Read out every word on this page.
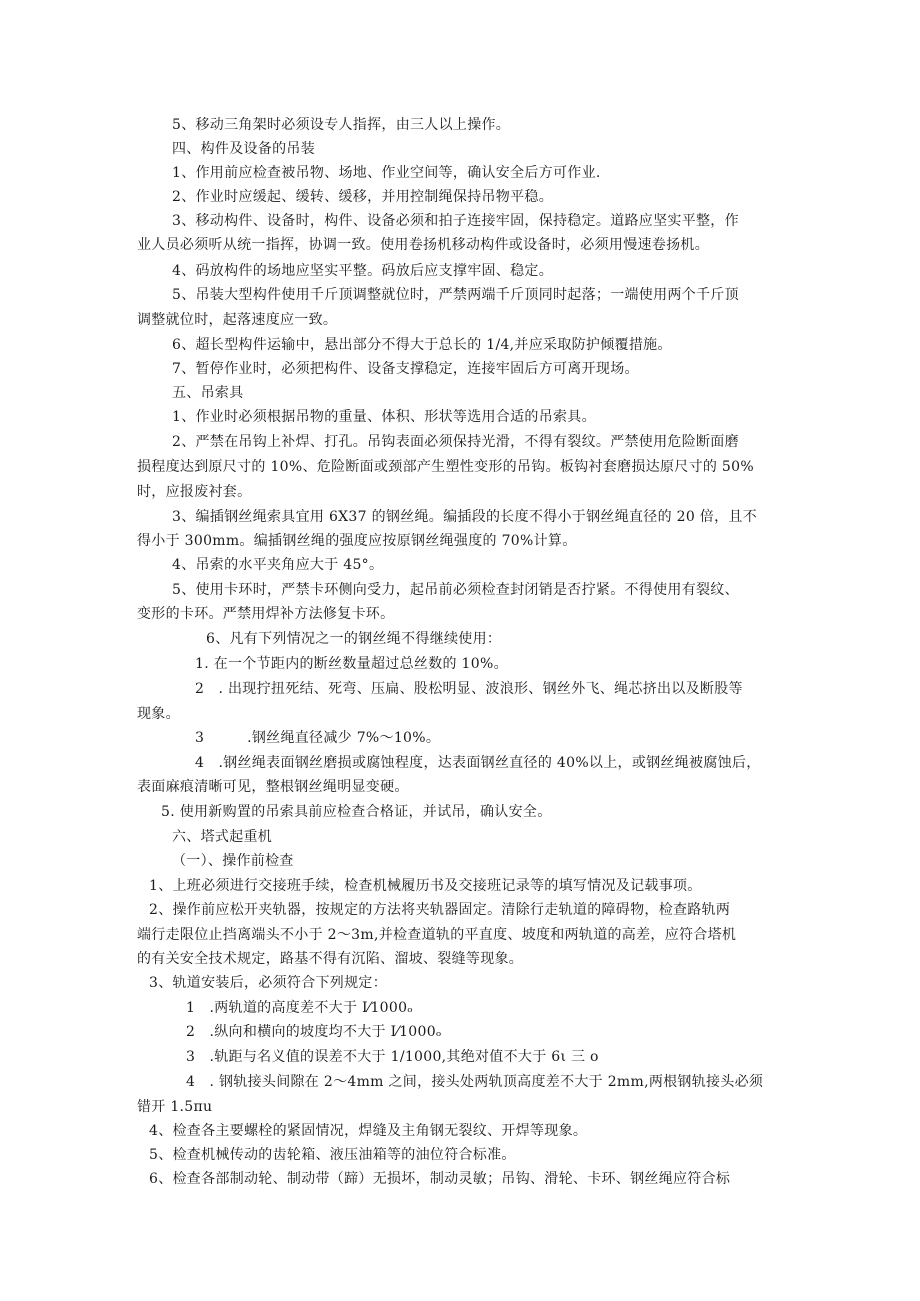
5、移动三角架时必须设专人指挥，由三人以上操作。
四、构件及设备的吊装
1、作用前应检查被吊物、场地、作业空间等，确认安全后方可作业.
2、作业时应缓起、缓转、缓移，并用控制绳保持吊物平稳。
3、移动构件、设备时，构件、设备必须和拍子连接牢固，保持稳定。道路应坚实平整，作
业人员必须听从统一指挥，协调一致。使用卷扬机移动构件或设备时，必须用慢速卷扬机。
4、码放构件的场地应坚实平整。码放后应支撑牢固、稳定。
5、吊装大型构件使用千斤顶调整就位时，严禁两端千斤顶同时起落；一端使用两个千斤顶
调整就位时，起落速度应一致。
6、超长型构件运输中，悬出部分不得大于总长的 1/4,并应采取防护倾覆措施。
7、暂停作业时，必须把构件、设备支撑稳定，连接牢固后方可离开现场。
五、吊索具
1、作业时必须根据吊物的重量、体积、形状等选用合适的吊索具。
2、严禁在吊钩上补焊、打孔。吊钩表面必须保持光滑，不得有裂纹。严禁使用危险断面磨
损程度达到原尺寸的 10%、危险断面或颈部产生塑性变形的吊钩。板钩衬套磨损达原尺寸的 50%
时，应报废衬套。
3、编插钢丝绳索具宜用 6X37 的钢丝绳。编插段的长度不得小于钢丝绳直径的 20 倍，且不
得小于 300mm。编插钢丝绳的强度应按原钢丝绳强度的 70%计算。
4、吊索的水平夹角应大于 45°。
5、使用卡环时，严禁卡环侧向受力，起吊前必须检查封闭销是否拧紧。不得使用有裂纹、
变形的卡环。严禁用焊补方法修复卡环。
6、凡有下列情况之一的钢丝绳不得继续使用：
1. 在一个节距内的断丝数量超过总丝数的 10%。
2　. 出现拧扭死结、死弯、压扁、股松明显、波浪形、钢丝外飞、绳芯挤出以及断股等
现象。
3　　　.钢丝绳直径减少 7%～10%。
4　.钢丝绳表面钢丝磨损或腐蚀程度，达表面钢丝直径的 40%以上，或钢丝绳被腐蚀后，
表面麻痕清晰可见，整根钢丝绳明显变硬。
5. 使用新购置的吊索具前应检查合格证，并试吊，确认安全。
六、塔式起重机
（一）、操作前检查
1、上班必须进行交接班手续，检查机械履历书及交接班记录等的填写情况及记载事项。
2、操作前应松开夹轨器，按规定的方法将夹轨器固定。清除行走轨道的障碍物，检查路轨两
端行走限位止挡离端头不小于 2～3m,并检查道轨的平直度、坡度和两轨道的高差，应符合塔机
的有关安全技术规定，路基不得有沉陷、溜坡、裂缝等现象。
3、轨道安装后，必须符合下列规定：
1　.两轨道的高度差不大于 I⁄1000ₒ
2　.纵向和横向的坡度均不大于 I⁄1000ₒ
3　.轨距与名义值的误差不大于 1/1000,其绝对值不大于 6ι 三 o
4　. 钢轨接头间隙在 2～4mm 之间，接头处两轨顶高度差不大于 2mm,两根钢轨接头必须
错开 1.5πu
4、检查各主要螺栓的紧固情况，焊缝及主角钢无裂纹、开焊等现象。
5、检查机械传动的齿轮箱、液压油箱等的油位符合标准。
6、检查各部制动轮、制动带（蹄）无损坏，制动灵敏；吊钩、滑轮、卡环、钢丝绳应符合标
